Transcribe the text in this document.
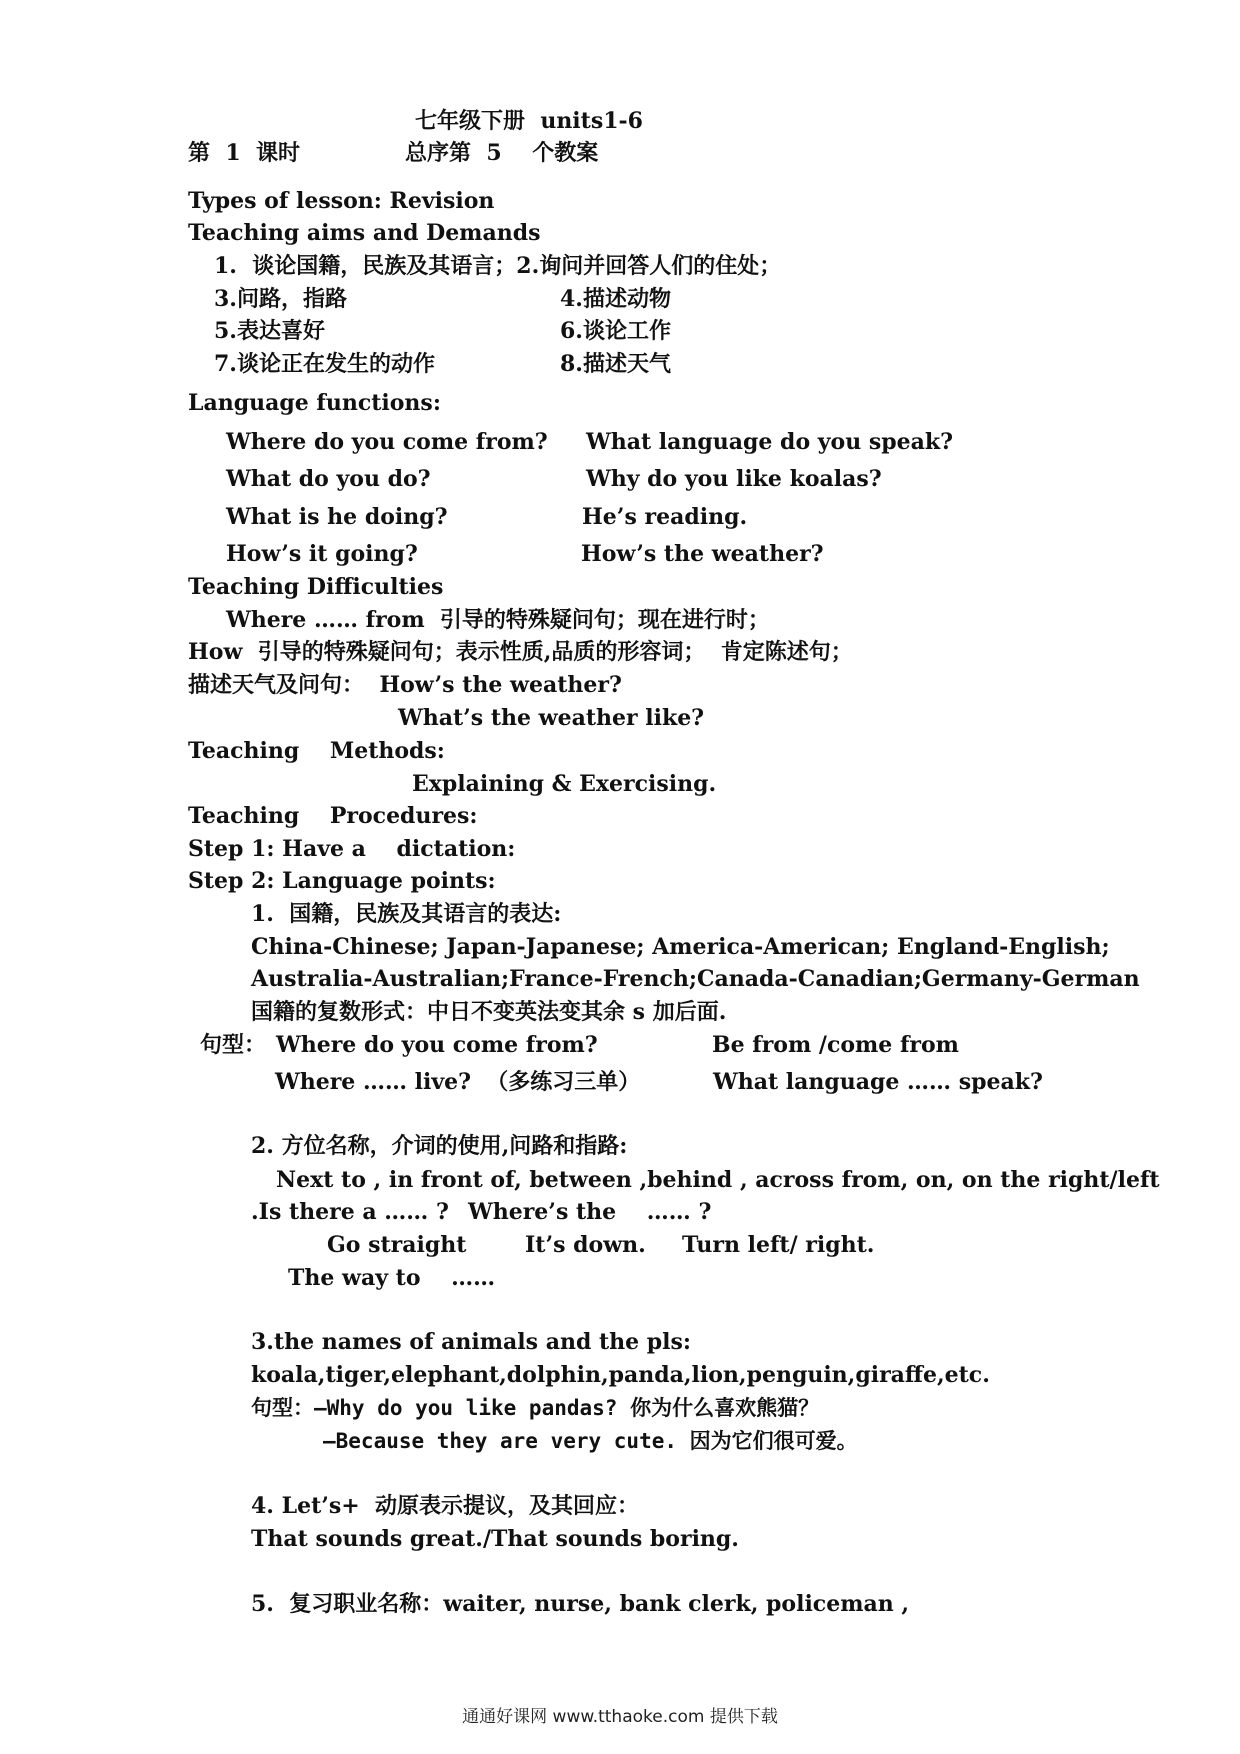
七年级下册  units1-6
第  1  课时	总序第  5    个教案
Types of lesson: Revision
Teaching aims and Demands
1.  谈论国籍，民族及其语言；2.询问并回答人们的住处；
3.问路，指路	4.描述动物
5.表达喜好	6.谈论工作
7.谈论正在发生的动作	8.描述天气
Language functions:
Where do you come from? What language do you speak?
What do you do?	Why do you like koalas?
What is he doing?	He’s reading.
How’s it going?	How’s the weather?
Teaching Difficulties
Where …… from  引导的特殊疑问句；现在进行时；
How  引导的特殊疑问句；表示性质,品质的形容词；  肯定陈述句；
描述天气及问句：  How’s the weather?
What’s the weather like?
Teaching    Methods:
Explaining & Exercising.
Teaching    Procedures:
Step 1: Have a    dictation:
Step 2: Language points:
1.  国籍，民族及其语言的表达:
China-Chinese; Japan-Japanese; America-American; England-English;
Australia-Australian;France-French;Canada-Canadian;Germany-German
国籍的复数形式：中日不变英法变其余 s 加后面.
句型： Where do you come from?	Be from /come from
Where …… live?  （多练习三单）	What language …… speak?
2. 方位名称，介词的使用,问路和指路:
Next to , in front of, between ,behind , across from, on, on the right/left
.Is there a …… ? Where’s the    …… ?
Go straight	It’s down. Turn left/ right.
The way to    ……
3.the names of animals and the pls:
koala,tiger,elephant,dolphin,panda,lion,penguin,giraffe,etc.
句型：—Why do you like pandas? 你为什么喜欢熊猫？
—Because they are very cute. 因为它们很可爱。
4. Let’s+  动原表示提议，及其回应：
That sounds great./That sounds boring.
5.  复习职业名称：waiter, nurse, bank clerk, policeman ,
通通好课网 www.tthaoke.com 提供下载
